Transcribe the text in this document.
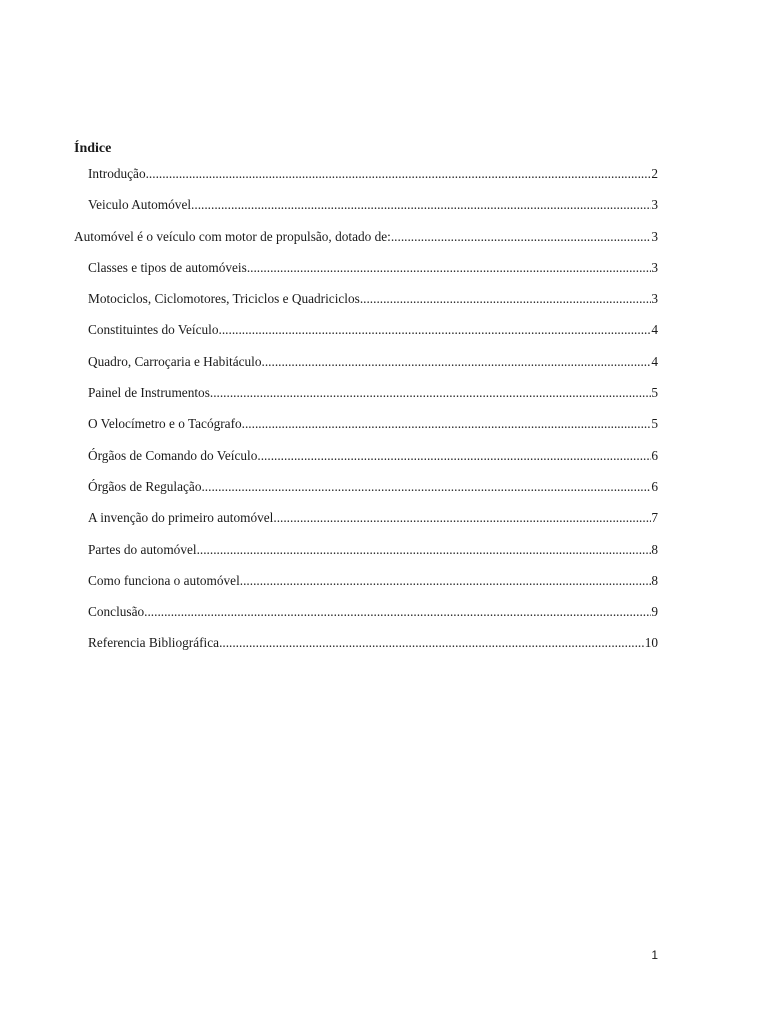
Índice
Introdução .....	2
Veiculo Automóvel .....	3
Automóvel é o veículo com motor de propulsão, dotado de: .....	3
Classes e tipos de automóveis .....	3
Motociclos, Ciclomotores, Triciclos e Quadriciclos .....	3
Constituintes do Veículo .....	4
Quadro, Carroçaria e Habitáculo .....	4
Painel de Instrumentos .....	5
O Velocímetro e o Tacógrafo .....	5
Órgãos de Comando do Veículo .....	6
Órgãos de Regulação .....	6
A invenção do primeiro automóvel .....	7
Partes do automóvel .....	8
Como funciona o automóvel .....	8
Conclusão .....	9
Referencia Bibliográfica .....	10
1
